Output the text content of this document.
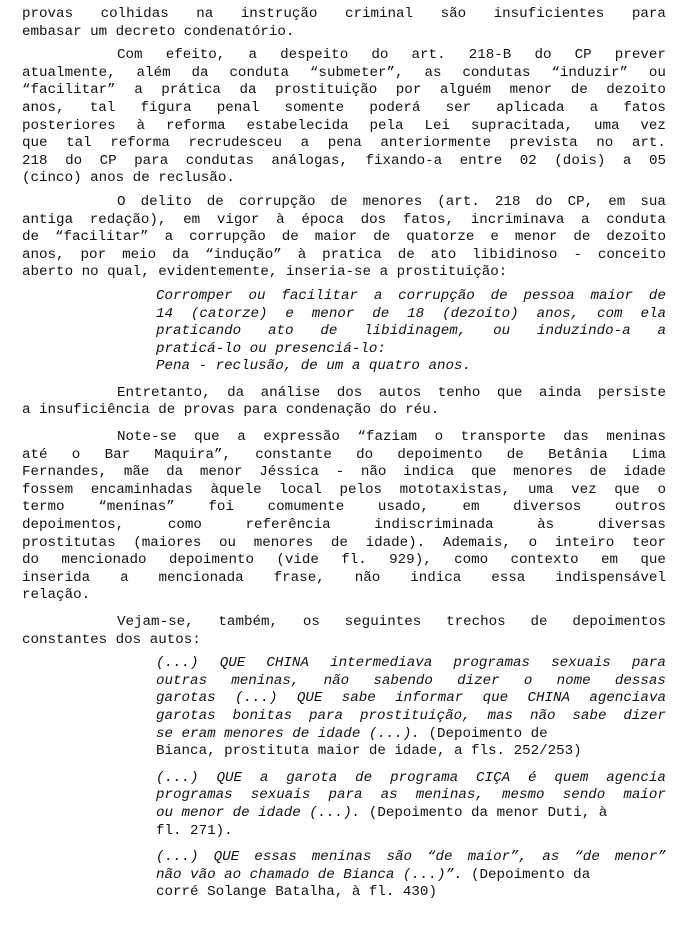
provas colhidas na instrução criminal são insuficientes para
embasar um decreto condenatório.
Com efeito, a despeito do art. 218-B do CP prever
atualmente, além da conduta “submeter”, as condutas “induzir” ou
“facilitar” a prática da prostituição por alguém menor de dezoito
anos, tal figura penal somente poderá ser aplicada a fatos
posteriores à reforma estabelecida pela Lei supracitada, uma vez
que tal reforma recrudesceu a pena anteriormente prevista no art.
218 do CP para condutas análogas, fixando-a entre 02 (dois) a 05
(cinco) anos de reclusão.
O delito de corrupção de menores (art. 218 do CP, em sua
antiga redação), em vigor à época dos fatos, incriminava a conduta
de “facilitar” a corrupção de maior de quatorze e menor de dezoito
anos, por meio da “indução” à pratica de ato libidinoso - conceito
aberto no qual, evidentemente, inseria-se a prostituição:
Corromper ou facilitar a corrupção de pessoa maior de
14 (catorze) e menor de 18 (dezoito) anos, com ela
praticando ato de libidinagem, ou induzindo-a a
praticá-lo ou presenciá-lo:
Pena - reclusão, de um a quatro anos.
Entretanto, da análise dos autos tenho que ainda persiste
a insuficiência de provas para condenação do réu.
Note-se que a expressão “faziam o transporte das meninas
até o Bar Maquira”, constante do depoimento de Betânia Lima
Fernandes, mãe da menor Jéssica - não indica que menores de idade
fossem encaminhadas àquele local pelos mototaxistas, uma vez que o
termo “meninas” foi comumente usado, em diversos outros
depoimentos,	como	referência	indiscriminada	às	diversas
prostitutas (maiores ou menores de idade). Ademais, o inteiro teor
do mencionado depoimento (vide fl. 929), como contexto em que
inserida a mencionada frase, não indica essa indispensável
relação.
Vejam-se, também, os seguintes trechos de depoimentos
constantes dos autos:
(...) QUE CHINA intermediava programas sexuais para
outras meninas, não sabendo dizer o nome dessas
garotas (...) QUE sabe informar que CHINA agenciava
garotas bonitas para prostituição, mas não sabe dizer
se eram menores de idade (...). (Depoimento de
Bianca, prostituta maior de idade, a fls. 252/253)
(...) QUE a garota de programa CIÇA é quem agencia
programas sexuais para as meninas, mesmo sendo maior
ou menor de idade (...). (Depoimento da menor Duti, à
fl. 271).
(...) QUE essas meninas são “de maior”, as “de menor”
não vão ao chamado de Bianca (...)”. (Depoimento da
corré Solange Batalha, à fl. 430)
